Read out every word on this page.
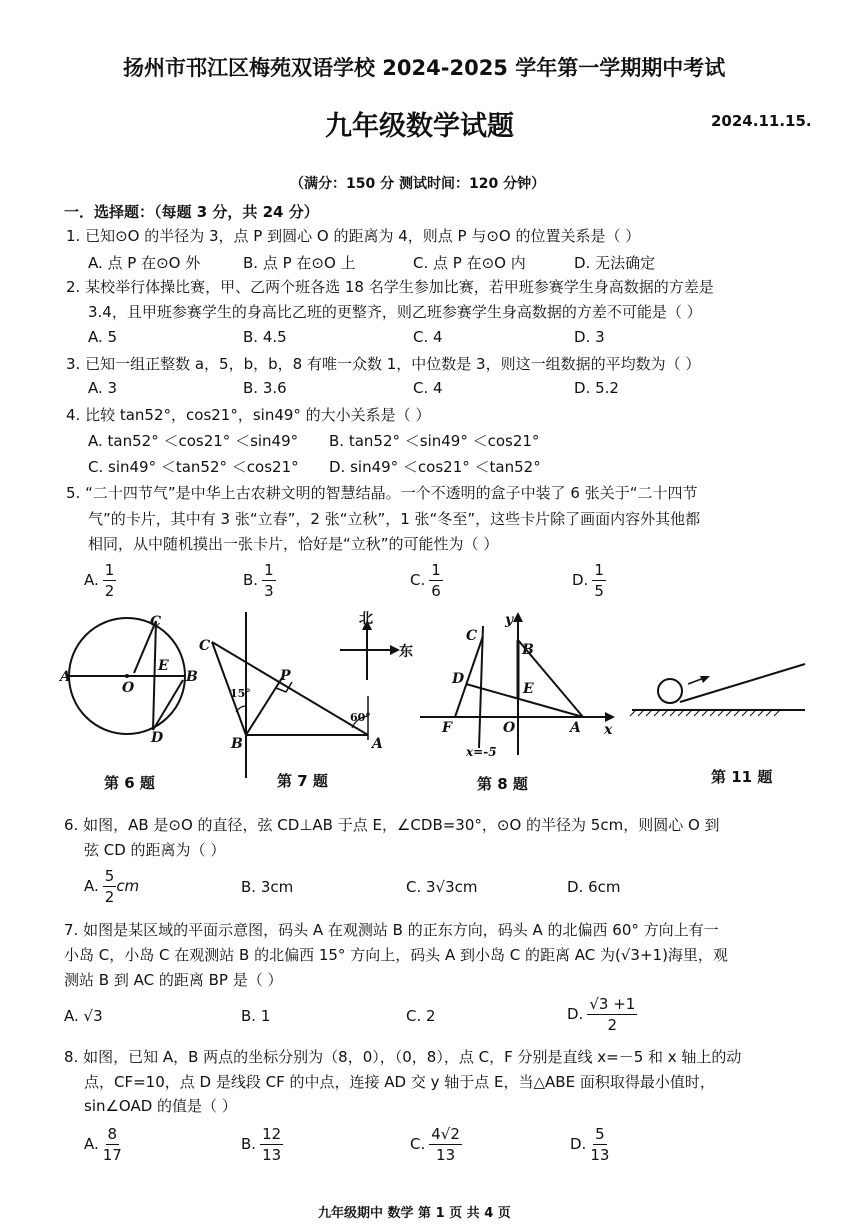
扬州市邗江区梅苑双语学校 2024-2025 学年第一学期期中考试
九年级数学试题	2024.11.15.
（满分：150 分 测试时间：120 分钟）
一．选择题：（每题 3 分，共 24 分）
1. 已知⊙O 的半径为 3，点 P 到圆心 O 的距离为 4，则点 P 与⊙O 的位置关系是（ ）
A. 点 P 在⊙O 外	B. 点 P 在⊙O 上	C. 点 P 在⊙O 内	D. 无法确定
2. 某校举行体操比赛，甲、乙两个班各选 18 名学生参加比赛，若甲班参赛学生身高数据的方差是
3.4，且甲班参赛学生的身高比乙班的更整齐，则乙班参赛学生身高数据的方差不可能是（ ）
A. 5	B. 4.5	C. 4	D. 3
3. 已知一组正整数 a，5，b，b，8 有唯一众数 1，中位数是 3，则这一组数据的平均数为（ ）
A. 3	B. 3.6	C. 4	D. 5.2
4. 比较 tan52°，cos21°，sin49° 的大小关系是（ ）
A. tan52° ＜cos21° ＜sin49° B. tan52° ＜sin49° ＜cos21°
C. sin49° ＜tan52° ＜cos21° D. sin49° ＜cos21° ＜tan52°
5. “二十四节气”是中华上古农耕文明的智慧结晶。一个不透明的盒子中装了 6 张关于“二十四节
气”的卡片，其中有 3 张“立春”，2 张“立秋”，1 张“冬至”，这些卡片除了画面内容外其他都
相同，从中随机摸出一张卡片，恰好是“立秋”的可能性为（ ）
A. $\frac{1}{2}$	B. $\frac{1}{3}$	C. $\frac{1}{6}$	D. $\frac{1}{5}$
A	B
C
D
E
O
C
P
B	A
15°
60°
北
东
C
y
B
D
E
F	O	A x
x=-5
第 6 题	第 7 题	第 8 题	第 11 题
6. 如图，AB 是⊙O 的直径，弦 CD⊥AB 于点 E，∠CDB=30°，⊙O 的半径为 5cm，则圆心 O 到
弦 CD 的距离为（ ）
A. $\frac{5}{2}$ cm	B. 3cm	C. 3√3cm	D. 6cm
7. 如图是某区域的平面示意图，码头 A 在观测站 B 的正东方向，码头 A 的北偏西 60° 方向上有一
小岛 C，小岛 C 在观测站 B 的北偏西 15° 方向上，码头 A 到小岛 C 的距离 AC 为(√3+1)海里，观
测站 B 到 AC 的距离 BP 是（ ）
A. √3	B. 1	C. 2	D. $\frac{√3 +1}{2}$
8. 如图，已知 A，B 两点的坐标分别为（8，0），（0，8），点 C，F 分别是直线 x=－5 和 x 轴上的动
点，CF=10，点 D 是线段 CF 的中点，连接 AD 交 y 轴于点 E，当△ABE 面积取得最小值时，
sin∠OAD 的值是（ ）
A. $\frac{8}{17}$	B. $\frac{12}{13}$	C. $\frac{4√2}{13}$	D. $\frac{5}{13}$
九年级期中 数学 第 1 页 共 4 页
